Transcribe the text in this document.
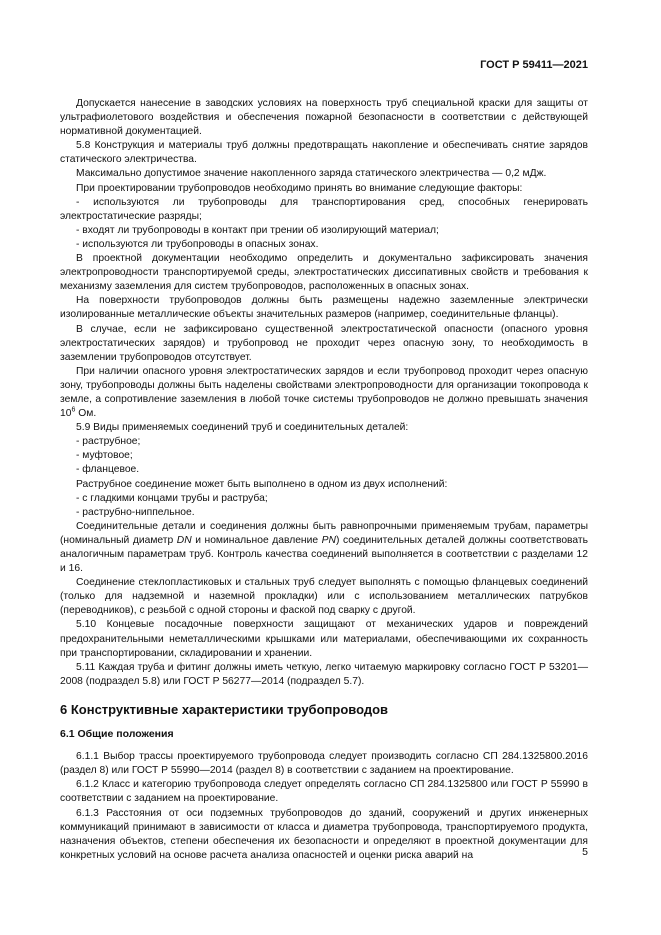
ГОСТ Р 59411—2021

Допускается нанесение в заводских условиях на поверхность труб специальной краски для защиты от ультрафиолетового воздействия и обеспечения пожарной безопасности в соответствии с действующей нормативной документацией.

5.8 Конструкция и материалы труб должны предотвращать накопление и обеспечивать снятие зарядов статического электричества.

Максимально допустимое значение накопленного заряда статического электричества — 0,2 мДж.

При проектировании трубопроводов необходимо принять во внимание следующие факторы:

- используются ли трубопроводы для транспортирования сред, способных генерировать электростатические разряды;

- входят ли трубопроводы в контакт при трении об изолирующий материал;

- используются ли трубопроводы в опасных зонах.

В проектной документации необходимо определить и документально зафиксировать значения электропроводности транспортируемой среды, электростатических диссипативных свойств и требования к механизму заземления для систем трубопроводов, расположенных в опасных зонах.

На поверхности трубопроводов должны быть размещены надежно заземленные электрически изолированные металлические объекты значительных размеров (например, соединительные фланцы).

В случае, если не зафиксировано существенной электростатической опасности (опасного уровня электростатических зарядов) и трубопровод не проходит через опасную зону, то необходимость в заземлении трубопроводов отсутствует.

При наличии опасного уровня электростатических зарядов и если трубопровод проходит через опасную зону, трубопроводы должны быть наделены свойствами электропроводности для организации токопровода к земле, а сопротивление заземления в любой точке системы трубопроводов не должно превышать значения $10^6$ Ом.

5.9 Виды применяемых соединений труб и соединительных деталей:

- раструбное;

- муфтовое;

- фланцевое.

Раструбное соединение может быть выполнено в одном из двух исполнений:

- с гладкими концами трубы и раструба;

- раструбно-ниппельное.

Соединительные детали и соединения должны быть равнопрочными применяемым трубам, параметры (номинальный диаметр DN и номинальное давление PN) соединительных деталей должны соответствовать аналогичным параметрам труб. Контроль качества соединений выполняется в соответствии с разделами 12 и 16.

Соединение стеклопластиковых и стальных труб следует выполнять с помощью фланцевых соединений (только для надземной и наземной прокладки) или с использованием металлических патрубков (переводников), с резьбой с одной стороны и фаской под сварку с другой.

5.10 Концевые посадочные поверхности защищают от механических ударов и повреждений предохранительными неметаллическими крышками или материалами, обеспечивающими их сохранность при транспортировании, складировании и хранении.

5.11 Каждая труба и фитинг должны иметь четкую, легко читаемую маркировку согласно ГОСТ Р 53201—2008 (подраздел 5.8) или ГОСТ Р 56277—2014 (подраздел 5.7).

6 Конструктивные характеристики трубопроводов
6.1 Общие положения

6.1.1 Выбор трассы проектируемого трубопровода следует производить согласно СП 284.1325800.2016 (раздел 8) или ГОСТ Р 55990—2014 (раздел 8) в соответствии с заданием на проектирование.

6.1.2 Класс и категорию трубопровода следует определять согласно СП 284.1325800 или ГОСТ Р 55990 в соответствии с заданием на проектирование.

6.1.3 Расстояния от оси подземных трубопроводов до зданий, сооружений и других инженерных коммуникаций принимают в зависимости от класса и диаметра трубопровода, транспортируемого продукта, назначения объектов, степени обеспечения их безопасности и определяют в проектной документации для конкретных условий на основе расчета анализа опасностей и оценки риска аварий на	5
